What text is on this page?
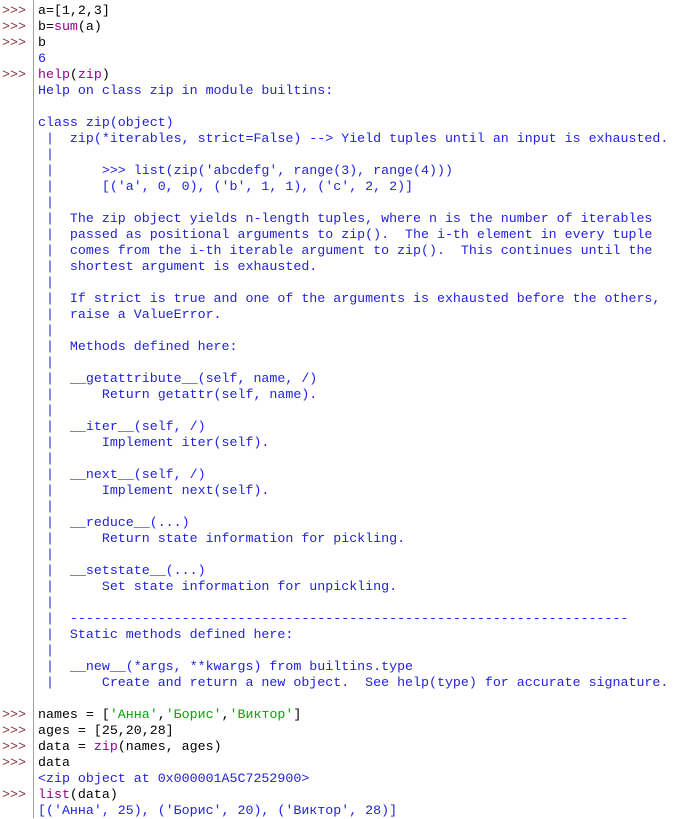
>>> a=[1,2,3]
>>> b=sum(a)
>>> b
6
>>> help(zip)
Help on class zip in module builtins:
class zip(object)
|  zip(*iterables, strict=False) --> Yield tuples until an input is exhausted.
|
|      >>> list(zip('abcdefg', range(3), range(4)))
|      [('a', 0, 0), ('b', 1, 1), ('c', 2, 2)]
|
|  The zip object yields n-length tuples, where n is the number of iterables
|  passed as positional arguments to zip().  The i-th element in every tuple
|  comes from the i-th iterable argument to zip().  This continues until the
|  shortest argument is exhausted.
|
|  If strict is true and one of the arguments is exhausted before the others,
|  raise a ValueError.
|
|  Methods defined here:
|
|  __getattribute__(self, name, /)
|      Return getattr(self, name).
|
|  __iter__(self, /)
|      Implement iter(self).
|
|  __next__(self, /)
|      Implement next(self).
|
|  __reduce__(...)
|      Return state information for pickling.
|
|  __setstate__(...)
|      Set state information for unpickling.
|
|  ----------------------------------------------------------------------
|  Static methods defined here:
|
|  __new__(*args, **kwargs) from builtins.type
|      Create and return a new object.  See help(type) for accurate signature.
>>> names = ['Анна','Борис','Виктор']
>>> ages = [25,20,28]
>>> data = zip(names, ages)
>>> data
<zip object at 0x000001A5C7252900>
>>> list(data)
[('Анна', 25), ('Борис', 20), ('Виктор', 28)]
